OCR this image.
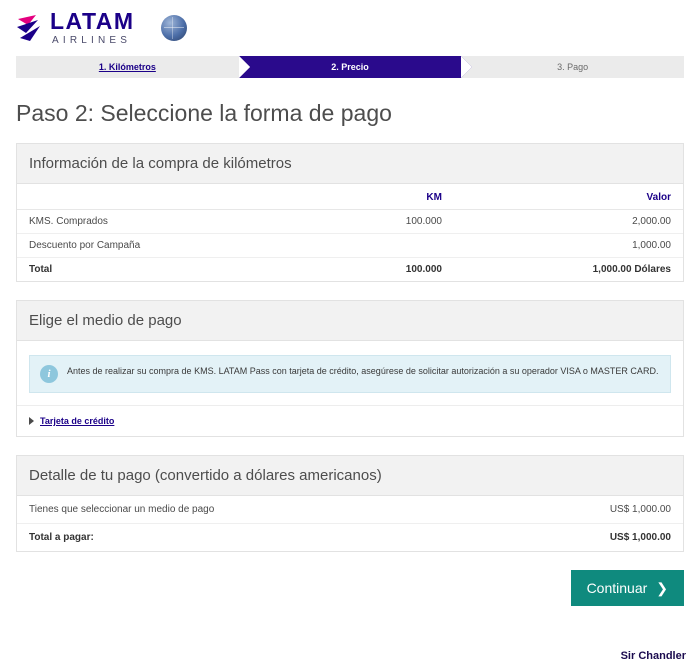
LATAM
AIRLINES
1. Kilómetros	2. Precio	3. Pago
Paso 2: Seleccione la forma de pago
Información de la compra de kilómetros
	KM	Valor
KMS. Comprados	100.000	2,000.00
Descuento por Campaña		1,000.00
Total	100.000	1,000.00 Dólares
Elige el medio de pago
i	Antes de realizar su compra de KMS. LATAM Pass con tarjeta de crédito, asegúrese de solicitar autorización a su operador VISA o MASTER CARD.
Tarjeta de crédito
Detalle de tu pago (convertido a dólares americanos)
Tienes que seleccionar un medio de pago	US$ 1,000.00
Total a pagar:	US$ 1,000.00
Continuar ❯
Sir Chandler
